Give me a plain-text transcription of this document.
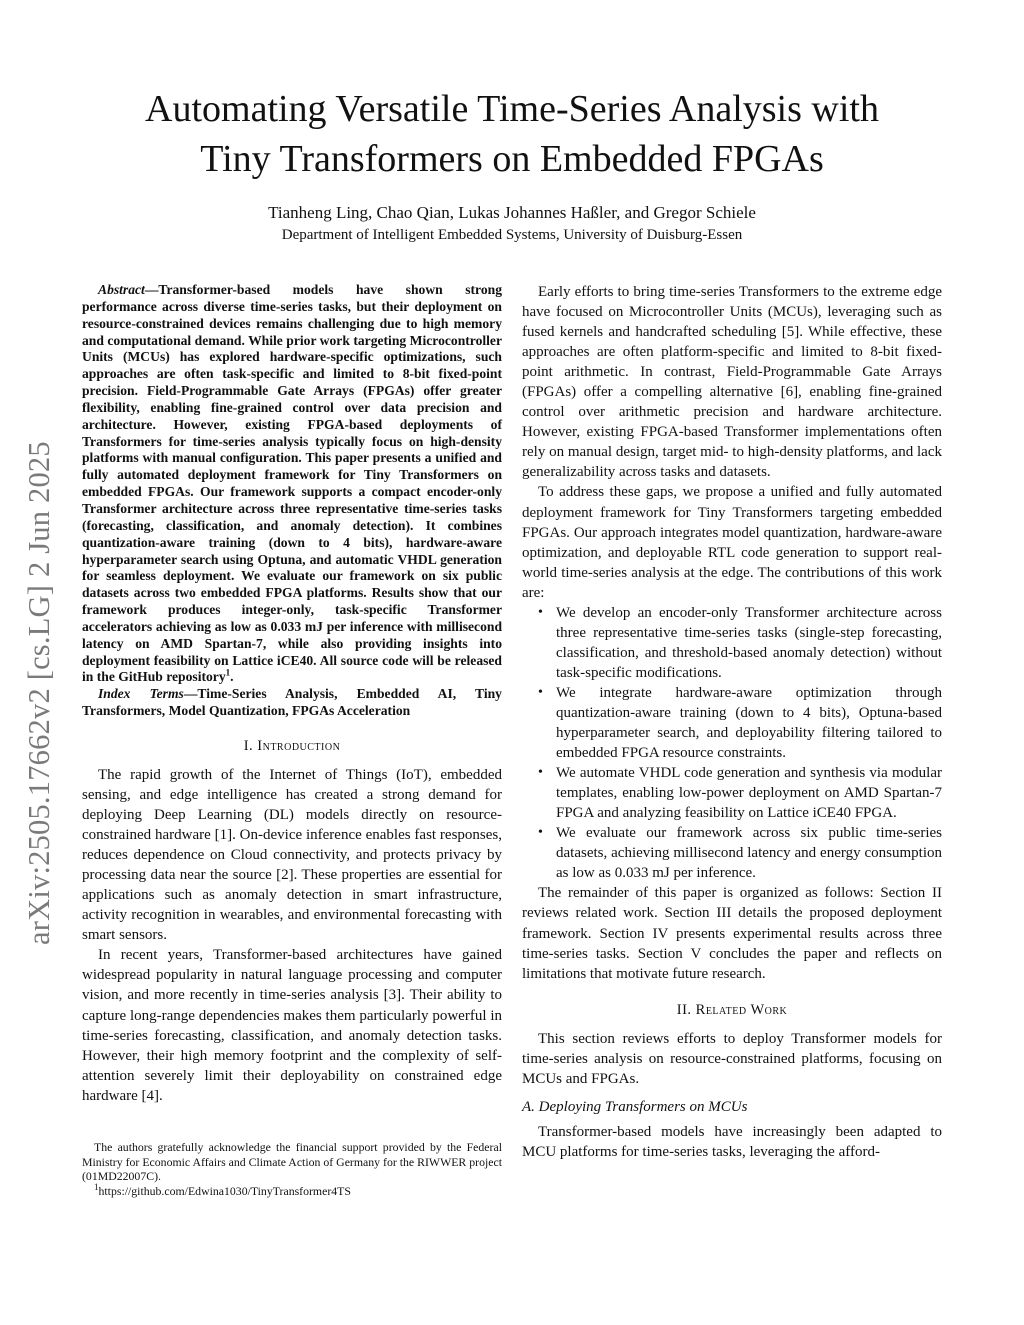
arXiv:2505.17662v2 [cs.LG] 2 Jun 2025
Automating Versatile Time-Series Analysis with
Tiny Transformers on Embedded FPGAs
Tianheng Ling, Chao Qian, Lukas Johannes Haßler, and Gregor Schiele
Department of Intelligent Embedded Systems, University of Duisburg-Essen

Abstract—Transformer-based models have shown strong performance across diverse time-series tasks, but their deployment on resource-constrained devices remains challenging due to high memory and computational demand. While prior work targeting Microcontroller Units (MCUs) has explored hardware-specific optimizations, such approaches are often task-specific and limited to 8-bit fixed-point precision. Field-Programmable Gate Arrays (FPGAs) offer greater flexibility, enabling fine-grained control over data precision and architecture. However, existing FPGA-based deployments of Transformers for time-series analysis typically focus on high-density platforms with manual configuration. This paper presents a unified and fully automated deployment framework for Tiny Transformers on embedded FPGAs. Our framework supports a compact encoder-only Transformer architecture across three representative time-series tasks (forecasting, classification, and anomaly detection). It combines quantization-aware training (down to 4 bits), hardware-aware hyperparameter search using Optuna, and automatic VHDL generation for seamless deployment. We evaluate our framework on six public datasets across two embedded FPGA platforms. Results show that our framework produces integer-only, task-specific Transformer accelerators achieving as low as 0.033 mJ per inference with millisecond latency on AMD Spartan-7, while also providing insights into deployment feasibility on Lattice iCE40. All source code will be released in the GitHub repository$^1$.

Index Terms—Time-Series Analysis, Embedded AI, Tiny Transformers, Model Quantization, FPGAs Acceleration

I. Introduction

The rapid growth of the Internet of Things (IoT), embedded sensing, and edge intelligence has created a strong demand for deploying Deep Learning (DL) models directly on resource-constrained hardware [1]. On-device inference enables fast responses, reduces dependence on Cloud connectivity, and protects privacy by processing data near the source [2]. These properties are essential for applications such as anomaly detection in smart infrastructure, activity recognition in wearables, and environmental forecasting with smart sensors.

In recent years, Transformer-based architectures have gained widespread popularity in natural language processing and computer vision, and more recently in time-series analysis [3]. Their ability to capture long-range dependencies makes them particularly powerful in time-series forecasting, classification, and anomaly detection tasks. However, their high memory footprint and the complexity of self-attention severely limit their deployability on constrained edge hardware [4].

The authors gratefully acknowledge the financial support provided by the Federal Ministry for Economic Affairs and Climate Action of Germany for the RIWWER project (01MD22007C).

$^1$https://github.com/Edwina1030/TinyTransformer4TS

Early efforts to bring time-series Transformers to the extreme edge have focused on Microcontroller Units (MCUs), leveraging such as fused kernels and handcrafted scheduling [5]. While effective, these approaches are often platform-specific and limited to 8-bit fixed-point arithmetic. In contrast, Field-Programmable Gate Arrays (FPGAs) offer a compelling alternative [6], enabling fine-grained control over arithmetic precision and hardware architecture. However, existing FPGA-based Transformer implementations often rely on manual design, target mid- to high-density platforms, and lack generalizability across tasks and datasets.

To address these gaps, we propose a unified and fully automated deployment framework for Tiny Transformers targeting embedded FPGAs. Our approach integrates model quantization, hardware-aware optimization, and deployable RTL code generation to support real-world time-series analysis at the edge. The contributions of this work are:

• We develop an encoder-only Transformer architecture across three representative time-series tasks (single-step forecasting, classification, and threshold-based anomaly detection) without task-specific modifications.
• We integrate hardware-aware optimization through quantization-aware training (down to 4 bits), Optuna-based hyperparameter search, and deployability filtering tailored to embedded FPGA resource constraints.
• We automate VHDL code generation and synthesis via modular templates, enabling low-power deployment on AMD Spartan-7 FPGA and analyzing feasibility on Lattice iCE40 FPGA.
• We evaluate our framework across six public time-series datasets, achieving millisecond latency and energy consumption as low as 0.033 mJ per inference.

The remainder of this paper is organized as follows: Section II reviews related work. Section III details the proposed deployment framework. Section IV presents experimental results across three time-series tasks. Section V concludes the paper and reflects on limitations that motivate future research.

II. Related Work

This section reviews efforts to deploy Transformer models for time-series analysis on resource-constrained platforms, focusing on MCUs and FPGAs.

A. Deploying Transformers on MCUs

Transformer-based models have increasingly been adapted to MCU platforms for time-series tasks, leveraging the afford-
